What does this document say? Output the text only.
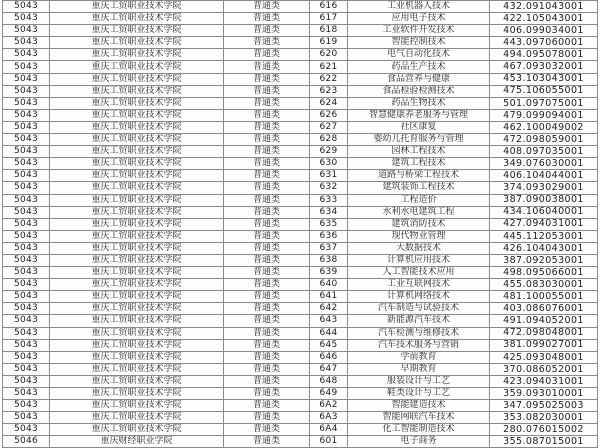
5043	重庆工贸职业技术学院	普通类	616	工业机器人技术	432.091043001
5043	重庆工贸职业技术学院	普通类	617	应用电子技术	422.105043001
5043	重庆工贸职业技术学院	普通类	618	工业软件开发技术	406.099034001
5043	重庆工贸职业技术学院	普通类	619	智能控制技术	443.097060001
5043	重庆工贸职业技术学院	普通类	620	电气自动化技术	494.095078001
5043	重庆工贸职业技术学院	普通类	621	药品生产技术	467.093032001
5043	重庆工贸职业技术学院	普通类	622	食品营养与健康	453.103043001
5043	重庆工贸职业技术学院	普通类	623	食品检验检测技术	475.106055001
5043	重庆工贸职业技术学院	普通类	624	药品生物技术	501.097075001
5043	重庆工贸职业技术学院	普通类	626	智慧健康养老服务与管理	479.099094001
5043	重庆工贸职业技术学院	普通类	627	社区康复	462.100049002
5043	重庆工贸职业技术学院	普通类	628	婴幼儿托育服务与管理	472.098059001
5043	重庆工贸职业技术学院	普通类	629	园林工程技术	408.097035001
5043	重庆工贸职业技术学院	普通类	630	建筑工程技术	349.076030001
5043	重庆工贸职业技术学院	普通类	631	道路与桥梁工程技术	406.104044001
5043	重庆工贸职业技术学院	普通类	632	建筑装饰工程技术	374.093029001
5043	重庆工贸职业技术学院	普通类	633	工程造价	387.090038001
5043	重庆工贸职业技术学院	普通类	634	水利水电建筑工程	434.106040001
5043	重庆工贸职业技术学院	普通类	635	建筑消防技术	427.094031001
5043	重庆工贸职业技术学院	普通类	636	现代物业管理	445.112053001
5043	重庆工贸职业技术学院	普通类	637	大数据技术	426.104043001
5043	重庆工贸职业技术学院	普通类	638	计算机应用技术	387.092053001
5043	重庆工贸职业技术学院	普通类	639	人工智能技术应用	498.095066001
5043	重庆工贸职业技术学院	普通类	640	工业互联网技术	455.083030001
5043	重庆工贸职业技术学院	普通类	641	计算机网络技术	481.100055001
5043	重庆工贸职业技术学院	普通类	642	汽车制造与试验技术	403.086076001
5043	重庆工贸职业技术学院	普通类	643	新能源汽车技术	491.094052001
5043	重庆工贸职业技术学院	普通类	644	汽车检测与维修技术	472.098048001
5043	重庆工贸职业技术学院	普通类	645	汽车技术服务与营销	381.099027001
5043	重庆工贸职业技术学院	普通类	646	学前教育	425.093048001
5043	重庆工贸职业技术学院	普通类	647	早期教育	370.086052001
5043	重庆工贸职业技术学院	普通类	648	服装设计与工艺	423.094031001
5043	重庆工贸职业技术学院	普通类	649	鞋类设计与工艺	359.093010001
5043	重庆工贸职业技术学院	普通类	6A2	智能建造技术	347.095025003
5043	重庆工贸职业技术学院	普通类	6A3	智能网联汽车技术	353.082030001
5043	重庆工贸职业技术学院	普通类	6A4	化工智能制造技术	280.076015002
5046	重庆财经职业学院	普通类	601	电子商务	355.087015001
